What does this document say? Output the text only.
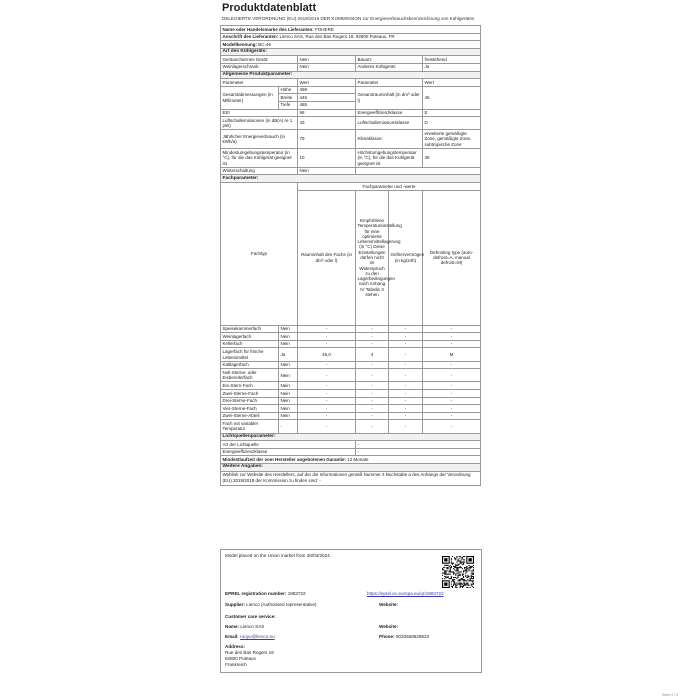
Produktdatenblatt
DELEGIERTE VERORDNUNG (EU) 2019/2016 DER KOMMISSION zur Energieverbrauchskennzeichnung von Kühlgeräten
Name oder Handelsmarke des Lieferanten: FOHERE					
Anschrift des Lieferanten: Lienco SAS, Rue des Bas Rogers 18, 92800 Puteaux, FR					
Modellkennung: BC-46					
Art des Kühlgeräts:					
Geräuscharmes Gerät:		Nein	Bauart:		freistehend
Weinlagerschrank:		Nein	Anderes Kühlgerät:		Ja
Allgemeine Produktparameter:					
Parameter		Wert	Parameter		Wert
Gesamtabmessungen (in Millimeter)	Höhe	498	Gesamtrauminhalt (in dm³ oder l)		46
	Breite	445			
	Tiefe	465			
EEI		98	Energieeffizienzklasse		E
Luftschallemissionen (in dB(A) re 1 pW)		43	Luftschallemissionsklasse		D
Jährlicher Energieverbrauch (in kWh/a)		79	Klimaklasse:		erweiterte gemäßigte Zone, gemäßigte Zone, subtropische Zone
Mindestumgebungstemperatur (in °C), für die das Kühlgerät geeignet ist		10	Höchstumgebungstemperatur (in °C), für die das Kühlgerät geeignet ist		38
Winterschaltung		Nein			
Fachparameter:					
Fachtyp		Fachparameter und -werte			
		Rauminhalt des Fachs (in dm³ oder l)	Empfohlene Temperatureinstellung für eine optimierte Lebensmittellagerung (in °C) Diese Einstellungen dürfen nicht im Widerspruch zu den Lagerbedingungen nach Anhang IV Tabelle 3 stehen	Gefriervermögen (in kg/24h)	Defrosting type (auto-defrost=A, manual defrost=M)
Speisekammerfach	Nein	-	-	-	-
Weinlagerfach	Nein	-	-	-	-
Kellerfach	Nein	-	-	-	-
Lagerfach für frische Lebensmittel	Ja	46,0	4	-	M
Kaltlagerfach	Nein	-	-	-	-
Null-Sterne- oder Eisbereiterfach	Nein	-	-	-	-
Ein-Stern-Fach	Nein	-	-	-	-
Zwei-Sterne-Fach	Nein	-	-	-	-
Drei-Sterne-Fach	Nein	-	-	-	-
Vier-Sterne-Fach	Nein	-	-	-	-
Zwei-Sterne-Abteil	Nein	-	-	-	-
Fach mit variabler Temperatur	-	-	-	-	-
Lichtquellenparameter:					
Art der Lichtquelle			-		
Energieeffizienzklasse			-		
Mindestlaufzeit der vom Hersteller angebotenen Garantie: 12 Monate					
Weitere Angaben:					
Weblink zur Website des Herstellers, auf der die Informationen gemäß Nummer 4 Buchstabe a des Anhangs der Verordnung (EU) 2019/2019 der Kommission zu finden sind: -					
Model placed on the Union market from 28/03/2024.
EPREL registration number: 1983722	https://eprel.ec.europa.eu/qr/1983722
Supplier: Lienco (Authorised representative)	Website:
Customer care service:
Name: Lienco SAS	Website:
Email: ruoyu@lienco.eu	Phone: 0033658628923
Address:
Rue des Bas Rogers 18
92800 Puteaux
Frankreich
Seite 2 / 2
